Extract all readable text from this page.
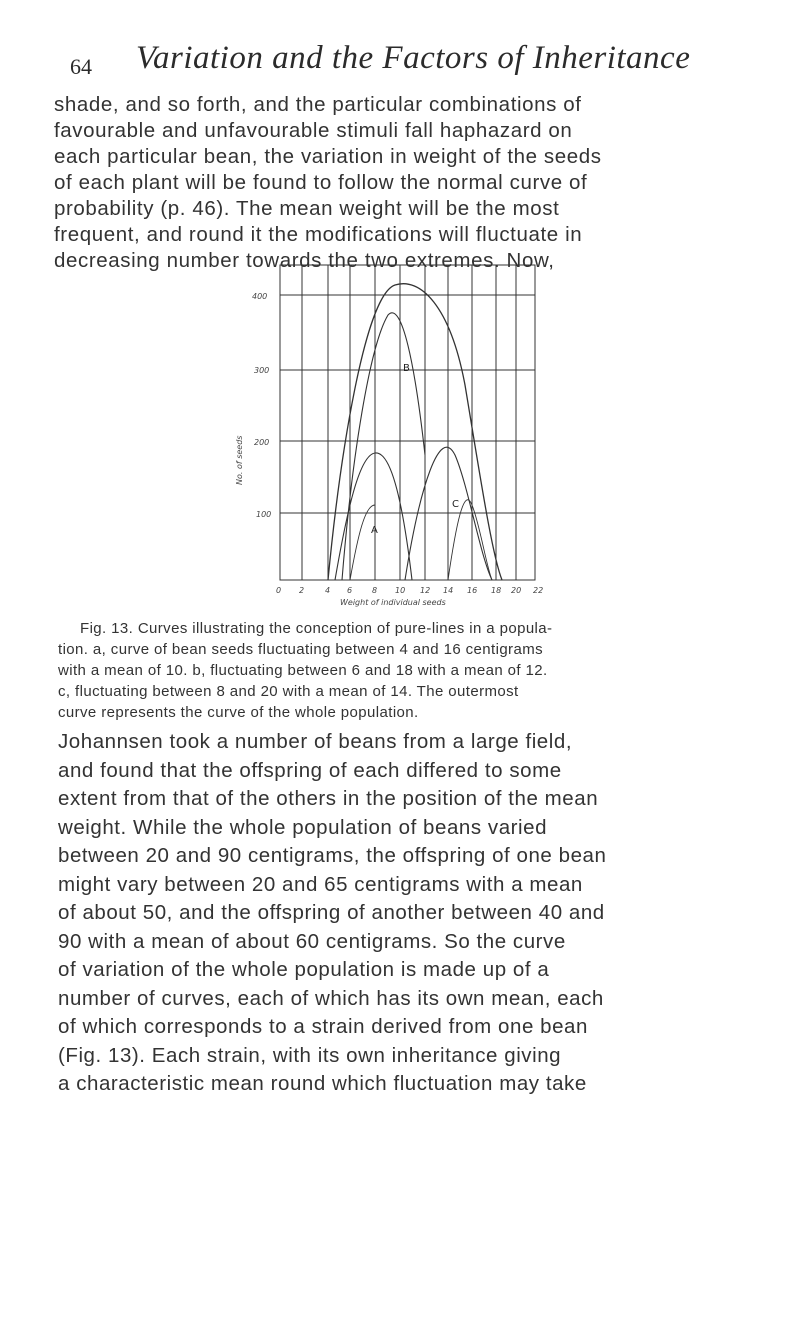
64 Variation and the Factors of Inheritance

shade, and so forth, and the particular combinations of
favourable and unfavourable stimuli fall haphazard on
each particular bean, the variation in weight of the seeds
of each plant will be found to follow the normal curve of
probability (p. 46). The mean weight will be the most
frequent, and round it the modifications will fluctuate in
decreasing number towards the two extremes. Now,

400
300
200
100
No. of seeds
0 2	4 6 8 10 12 14 16 18 20 22
Weight of individual seeds
A
B
C
Fig. 13. Curves illustrating the conception of pure-lines in a popula-
tion. a, curve of bean seeds fluctuating between 4 and 16 centigrams
with a mean of 10. b, fluctuating between 6 and 18 with a mean of 12.
c, fluctuating between 8 and 20 with a mean of 14. The outermost
curve represents the curve of the whole population.

Johannsen took a number of beans from a large field,
and found that the offspring of each differed to some
extent from that of the others in the position of the mean
weight. While the whole population of beans varied
between 20 and 90 centigrams, the offspring of one bean
might vary between 20 and 65 centigrams with a mean
of about 50, and the offspring of another between 40 and
90 with a mean of about 60 centigrams. So the curve
of variation of the whole population is made up of a
number of curves, each of which has its own mean, each
of which corresponds to a strain derived from one bean
(Fig. 13). Each strain, with its own inheritance giving
a characteristic mean round which fluctuation may take
